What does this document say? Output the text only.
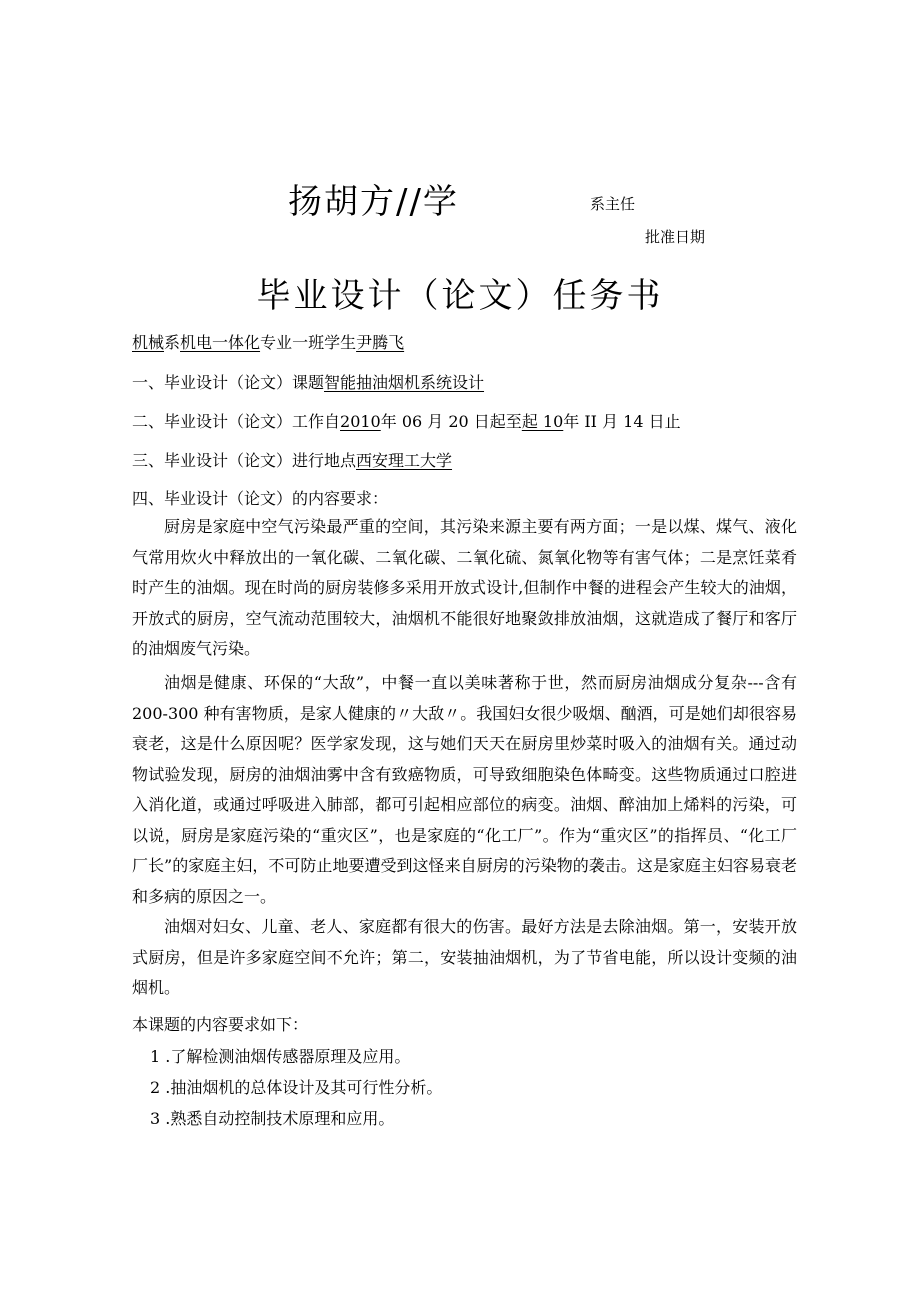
扬胡方//学	系主任
批准日期
毕业设计（论文）任务书
机械系机电一体化专业一班学生尹腾飞
一、毕业设计（论文）课题智能抽油烟机系统设计
二、毕业设计（论文）工作自2010年 06 月 20 日起至起 10年 II 月 14 日止
三、毕业设计（论文）进行地点西安理工大学
四、毕业设计（论文）的内容要求：
厨房是家庭中空气污染最严重的空间，其污染来源主要有两方面；一是以煤、煤气、液化气常用炊火中释放出的一氧化碳、二氧化碳、二氧化硫、氮氧化物等有害气体；二是烹饪菜肴时产生的油烟。现在时尚的厨房装修多采用开放式设计,但制作中餐的进程会产生较大的油烟，开放式的厨房，空气流动范围较大，油烟机不能很好地聚敛排放油烟，这就造成了餐厅和客厅的油烟废气污染。
油烟是健康、环保的“大敌”，中餐一直以美味著称于世，然而厨房油烟成分复杂---含有 200-300 种有害物质，是家人健康的〃大敌〃。我国妇女很少吸烟、酗酒，可是她们却很容易衰老，这是什么原因呢？医学家发现，这与她们天天在厨房里炒菜时吸入的油烟有关。通过动物试验发现，厨房的油烟油雾中含有致癌物质，可导致细胞染色体畸变。这些物质通过口腔进入消化道，或通过呼吸进入肺部，都可引起相应部位的病变。油烟、醉油加上烯料的污染，可以说，厨房是家庭污染的“重灾区”，也是家庭的“化工厂”。作为“重灾区”的指挥员、“化工厂厂长”的家庭主妇，不可防止地要遭受到这怪来自厨房的污染物的袭击。这是家庭主妇容易衰老和多病的原因之一。
油烟对妇女、儿童、老人、家庭都有很大的伤害。最好方法是去除油烟。第一，安装开放式厨房，但是许多家庭空间不允许；第二，安装抽油烟机，为了节省电能，所以设计变频的油烟机。
本课题的内容要求如下：
1 .了解检测油烟传感器原理及应用。
2 .抽油烟机的总体设计及其可行性分析。
3 .熟悉自动控制技术原理和应用。
